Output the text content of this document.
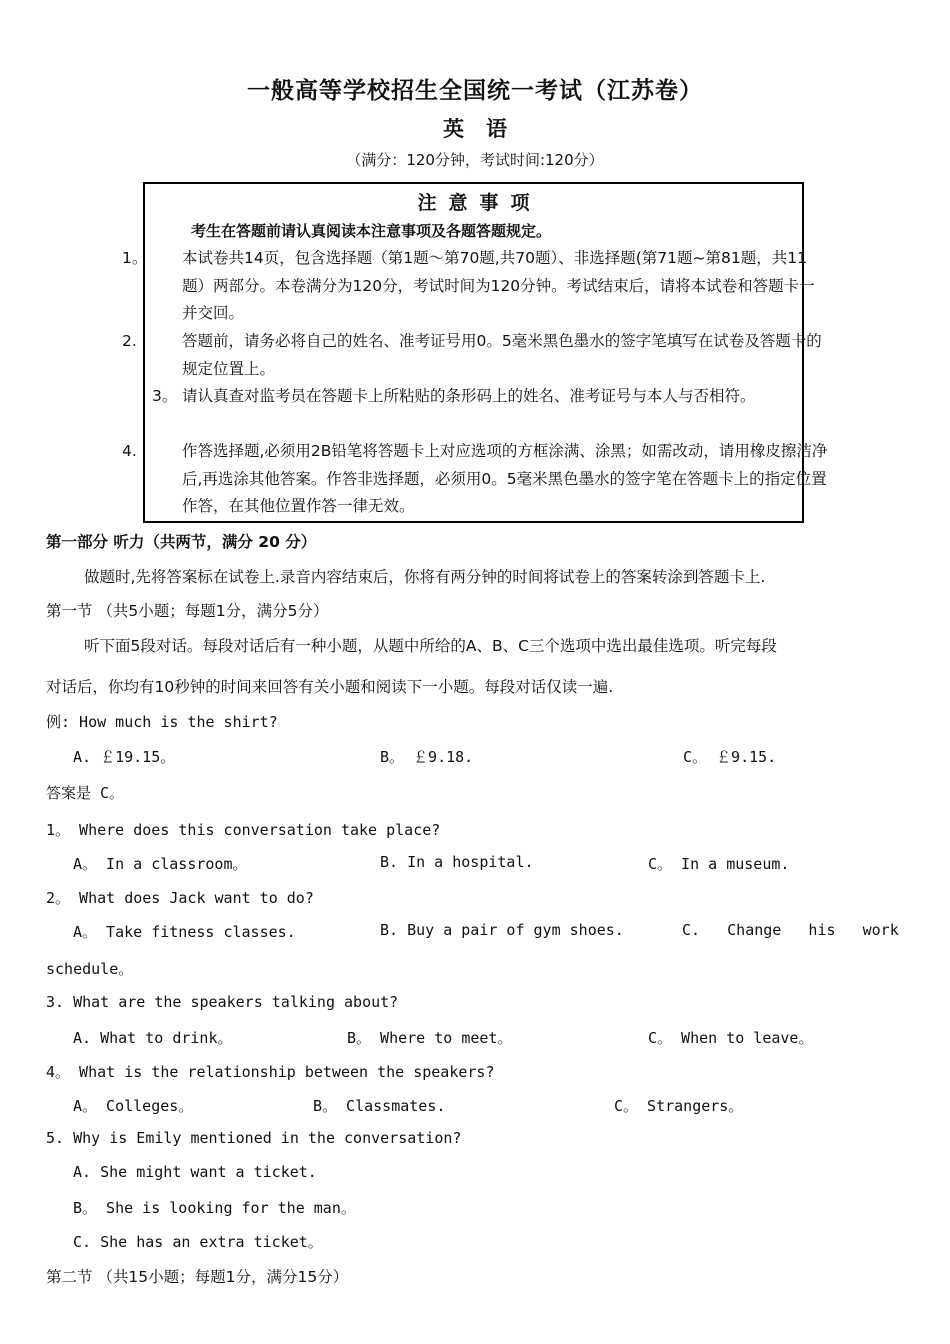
一般高等学校招生全国统一考试（江苏卷）
英语
（满分：120分钟，考试时间:120分）
注意事项
考生在答题前请认真阅读本注意事项及各题答题规定。
1。 本试卷共14页，包含选择题（第1题～第70题,共70题）、非选择题(第71题~第81题，共11题）两部分。本卷满分为120分，考试时间为120分钟。考试结束后，请将本试卷和答题卡一并交回。
2.	答题前，请务必将自己的姓名、准考证号用0。5毫米黑色墨水的签字笔填写在试卷及答题卡的规定位置上。
3。 请认真查对监考员在答题卡上所粘贴的条形码上的姓名、准考证号与本人与否相符。
4.	作答选择题,必须用2B铅笔将答题卡上对应选项的方框涂满、涂黑；如需改动，请用橡皮擦洁净后,再选涂其他答案。作答非选择题，必须用0。5毫米黑色墨水的签字笔在答题卡上的指定位置作答，在其他位置作答一律无效。
第一部分 听力（共两节，满分 20 分）
做题时,先将答案标在试卷上.录音内容结束后，你将有两分钟的时间将试卷上的答案转涂到答题卡上.
第一节 （共5小题；每题1分，满分5分）
听下面5段对话。每段对话后有一种小题，从题中所给的A、B、C三个选项中选出最佳选项。听完每段
对话后，你均有10秒钟的时间来回答有关小题和阅读下一小题。每段对话仅读一遍.
例: How much is the shirt?
A. ￡19.15。	B。 ￡9.18.	C。 ￡9.15.
答案是 C。
1。 Where does this conversation take place?
A。 In a classroom。	B. In a hospital.	C。 In a museum.
2。 What does Jack want to do?
A。 Take fitness classes.	B. Buy a pair of gym shoes.	C.   Change   his   work
schedule。
3. What are the speakers talking about?
A. What to drink。	B。 Where to meet。	C。 When to leave。
4。 What is the relationship between the speakers?
A。 Colleges。	B。 Classmates.	C。 Strangers。
5. Why is Emily mentioned in the conversation?
A. She might want a ticket.
B。 She is looking for the man。
C. She has an extra ticket。
第二节 （共15小题；每题1分，满分15分）
